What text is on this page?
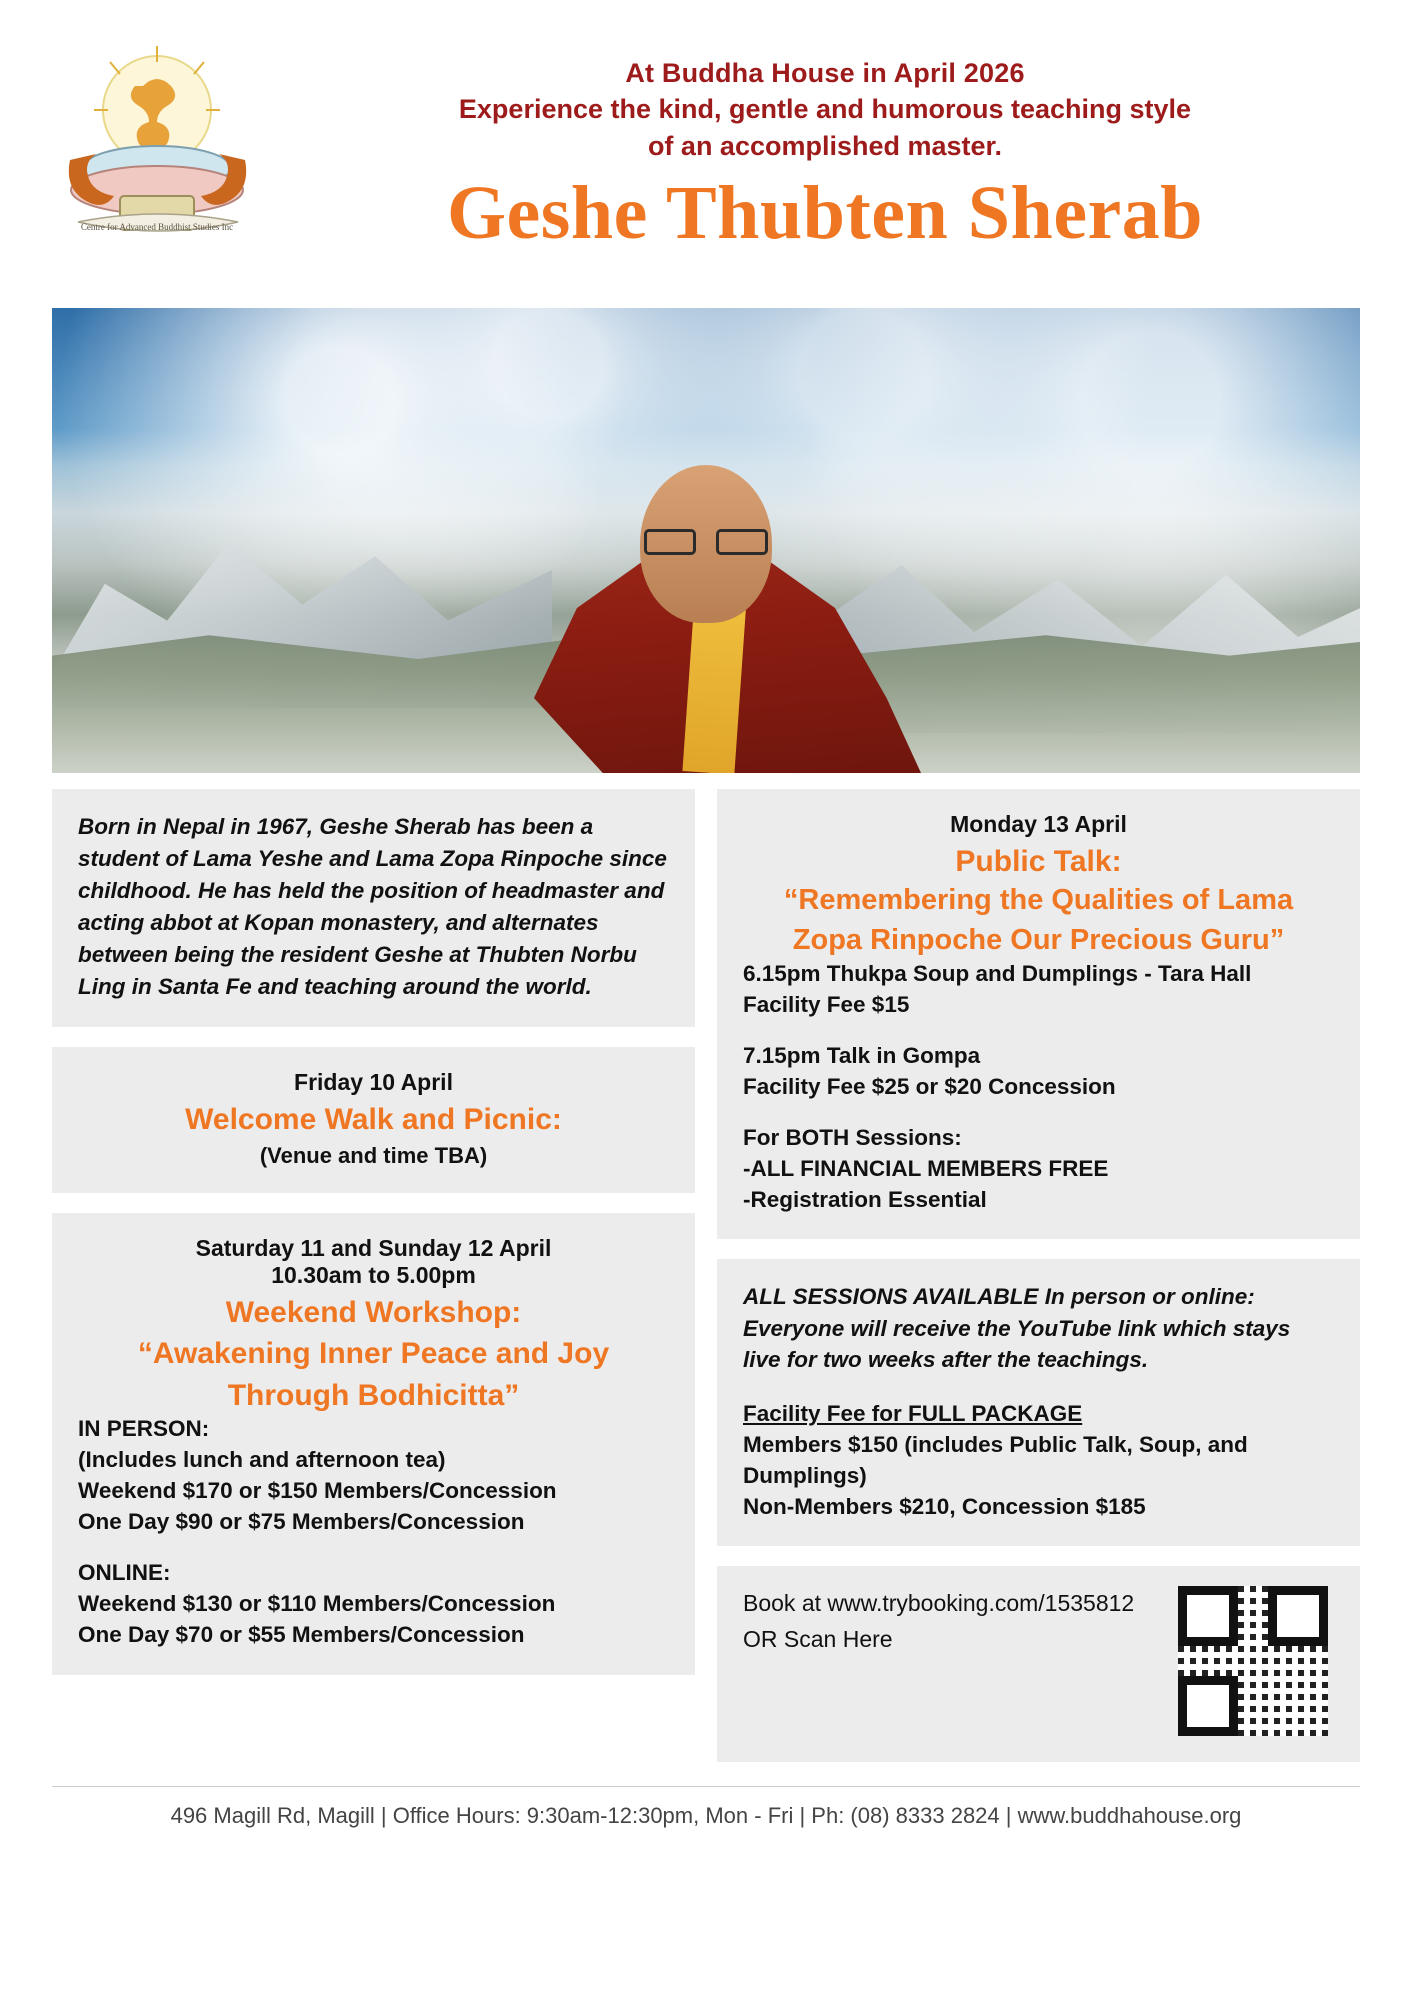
Centre for Advanced Buddhist Studies Inc

At Buddha House in April 2026

Experience the kind, gentle and humorous teaching style

of an accomplished master.

Geshe Thubten Sherab

Born in Nepal in 1967, Geshe Sherab has been a student of Lama Yeshe and Lama Zopa Rinpoche since childhood. He has held the position of headmaster and acting abbot at Kopan monastery, and alternates between being the resident Geshe at Thubten Norbu Ling in Santa Fe and teaching around the world.

Friday 10 April

Welcome Walk and Picnic:

(Venue and time TBA)

Saturday 11 and Sunday 12 April

10.30am to 5.00pm

Weekend Workshop:

“Awakening Inner Peace and Joy

Through Bodhicitta”

IN PERSON:
(Includes lunch and afternoon tea)
Weekend $170 or $150 Members/Concession
One Day $90 or $75 Members/Concession

ONLINE:
Weekend $130 or $110 Members/Concession
One Day $70 or $55 Members/Concession

Monday 13 April

Public Talk:

“Remembering the Qualities of Lama

Zopa Rinpoche Our Precious Guru”

6.15pm Thukpa Soup and Dumplings - Tara Hall
Facility Fee $15

7.15pm Talk in Gompa
Facility Fee $25 or $20 Concession

For BOTH Sessions:
-ALL FINANCIAL MEMBERS FREE
-Registration Essential

ALL SESSIONS AVAILABLE In person or online: Everyone will receive the YouTube link which stays live for two weeks after the teachings.

Facility Fee for FULL PACKAGE
Members $150 (includes Public Talk, Soup, and Dumplings)
Non-Members $210, Concession $185

Book at www.trybooking.com/1535812
OR Scan Here
496 Magill Rd, Magill | Office Hours: 9:30am-12:30pm, Mon - Fri | Ph: (08) 8333 2824 | www.buddhahouse.org
